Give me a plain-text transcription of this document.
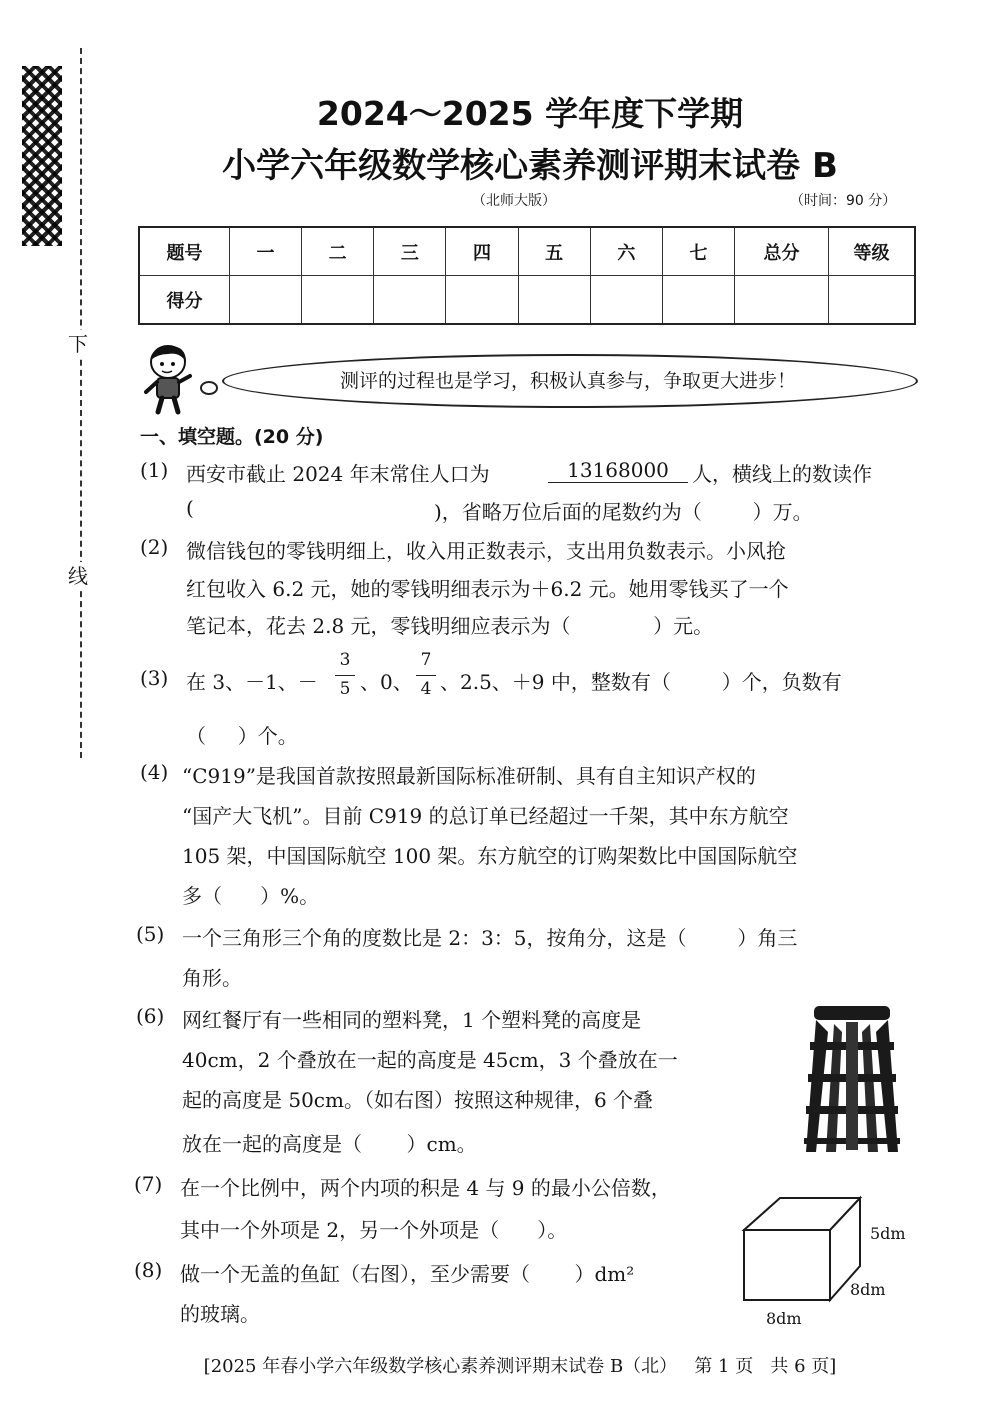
下
线
2024～2025 学年度下学期
小学六年级数学核心素养测评期末试卷 B
（北师大版）	（时间：90 分）
题号	一	二	三	四	五	六	七	总分	等级
得分									
测评的过程也是学习，积极认真参与，争取更大进步！
一、填空题。(20 分)
(1) 西安市截止 2024 年末常住人口为	13168000	人，横线上的数读作
(	)，省略万位后面的尾数约为（        ）万。
(2) 微信钱包的零钱明细上，收入用正数表示，支出用负数表示。小风抢
红包收入 6.2 元，她的零钱明细表示为＋6.2 元。她用零钱买了一个
笔记本，花去 2.8 元，零钱明细应表示为（             ）元。
(3) 在 3、－1、－
3
5 、0、
7
4 、2.5、＋9 中，整数有（        ）个，负数有
（     ）个。
(4) “C919”是我国首款按照最新国际标准研制、具有自主知识产权的
“国产大飞机”。目前 C919 的总订单已经超过一千架，其中东方航空
105 架，中国国际航空 100 架。东方航空的订购架数比中国国际航空
多（      ）%。
(5) 一个三角形三个角的度数比是 2：3：5，按角分，这是（        ）角三
角形。
(6) 网红餐厅有一些相同的塑料凳，1 个塑料凳的高度是
40cm，2 个叠放在一起的高度是 45cm，3 个叠放在一
起的高度是 50cm。（如右图）按照这种规律，6 个叠
放在一起的高度是（       ）cm。
(7) 在一个比例中，两个内项的积是 4 与 9 的最小公倍数，
其中一个外项是 2，另一个外项是（      ）。
(8) 做一个无盖的鱼缸（右图），至少需要（       ）dm²
的玻璃。
5dm
8dm
8dm
[2025 年春小学六年级数学核心素养测评期末试卷 B（北）   第 1 页   共 6 页]
